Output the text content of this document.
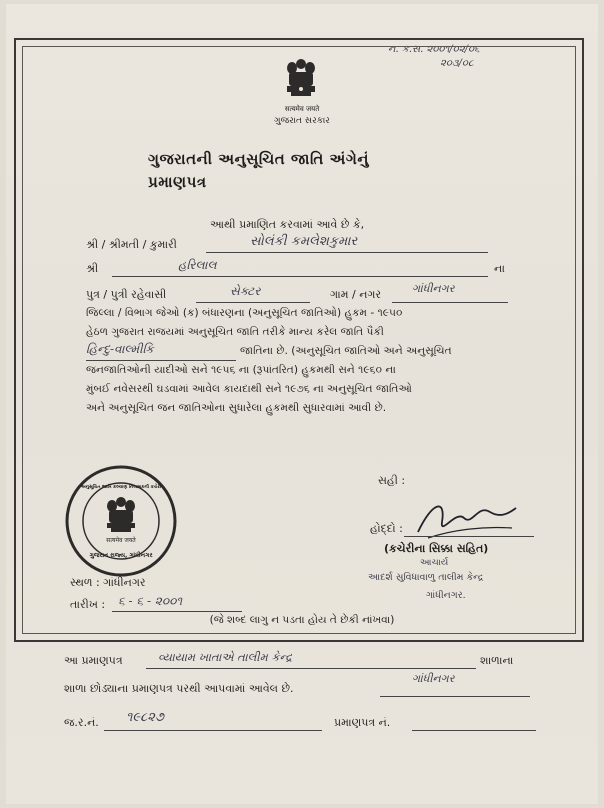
ન. ક.સ. ૨૦૦૧/૦૨/૦૬
૨૦૩/૦૮
सत्यमेव जयते
ગુજરાત સરકાર
ગુજરાતની અનુસૂચિત જાતિ અંગેનું
પ્રમાણપત્ર
આથી પ્રમાણિત કરવામાં આવે છે કે,
શ્રી / શ્રીમતી / કુમારી	સોલંકી કમલેશકુમાર
શ્રી	હરિલાલ	ના
પુત્ર / પુત્રી રહેવાસી	સેક્ટર	ગામ / નગર	ગાંધીનગર
જિલ્લા / વિભાગ જેઓ (ક) બંધારણના (અનુસૂચિત જાતિઓ) હુકમ - ૧૯૫૦
હેઠળ ગુજરાત રાજયમાં અનુસૂચિત જાતિ તરીકે માન્ય કરેલ જાતિ પૈકી
હિન્દુ-વાલ્મીકિ	જાતિના છે. (અનુસૂચિત જાતિઓ અને અનુસૂચિત
જનજાતિઓની યાદીઓ સને ૧૯૫૬ ના (રૂપાંતરિત) હુકમથી સને ૧૯૬૦ ના
મુંબઈ નવેસરથી ઘડવામાં આવેલ કાયદાથી સને ૧૯૭૬ ના અનુસૂચિત જાતિઓ
અને અનુસૂચિત જન જાતિઓના સુધારેલા હુકમથી સુધારવામાં આવી છે.
અનુસૂચિત જાતિ કલ્યાણ નિયામકની કચેરી
सत्यमेव जयते
ગુજરાત રાજ્ય, ગાંધીનગર
સહી :
હોદ્દો :
(કચેરીના સિક્કા સહિત)
આચાર્ય
આદર્શ સુવિધાવાળુ તાલીમ કેન્દ્ર
ગાંધીનગર.
સ્થળ : ગાંધીનગર
તારીખ : ૬ - ૬ - ૨૦૦૧
(જે શબ્દ લાગુ ન પડતા હોય તે છેકી નાંખવા)
આ પ્રમાણપત્ર	વ્યાયામ ખાતાએ તાલીમ કેન્દ્ર	શાળાના
શાળા છોડ્યાના પ્રમાણપત્ર પરથી આપવામાં આવેલ છે.
ગાંધીનગર
જ.ર.નં. ૧૯૮૨૭	પ્રમાણપત્ર નં.
